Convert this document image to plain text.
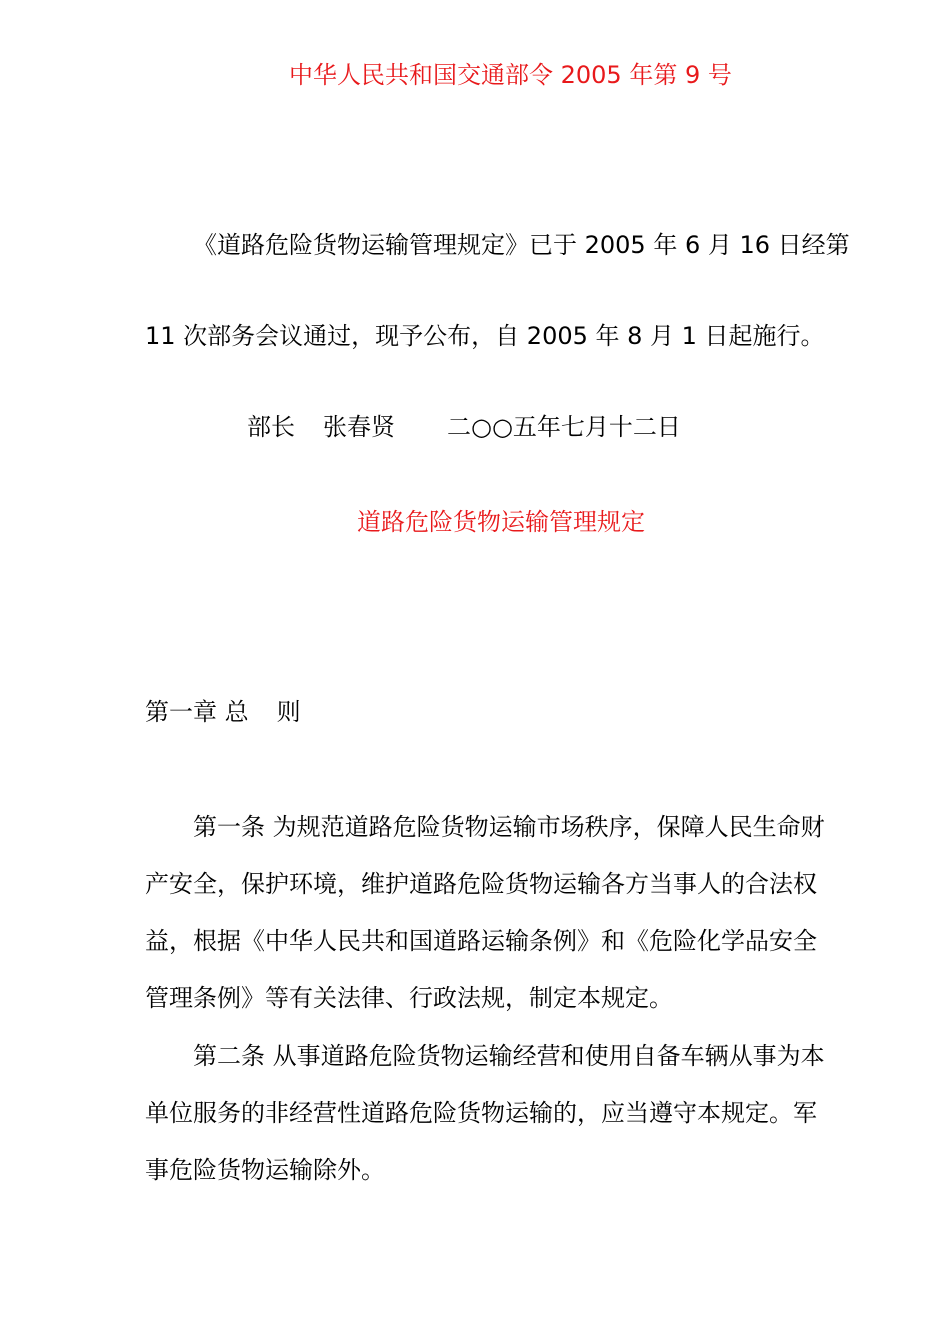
中华人民共和国交通部令 2005 年第 9 号
《道路危险货物运输管理规定》已于 2005 年 6 月 16 日经第
11 次部务会议通过，现予公布，自 2005 年 8 月 1 日起施行。
部长 张春贤 二○○五年七月十二日
道路危险货物运输管理规定
第一章 总 则
第一条 为规范道路危险货物运输市场秩序，保障人民生命财
产安全，保护环境，维护道路危险货物运输各方当事人的合法权
益，根据《中华人民共和国道路运输条例》和《危险化学品安全
管理条例》等有关法律、行政法规，制定本规定。
第二条 从事道路危险货物运输经营和使用自备车辆从事为本
单位服务的非经营性道路危险货物运输的，应当遵守本规定。军
事危险货物运输除外。
